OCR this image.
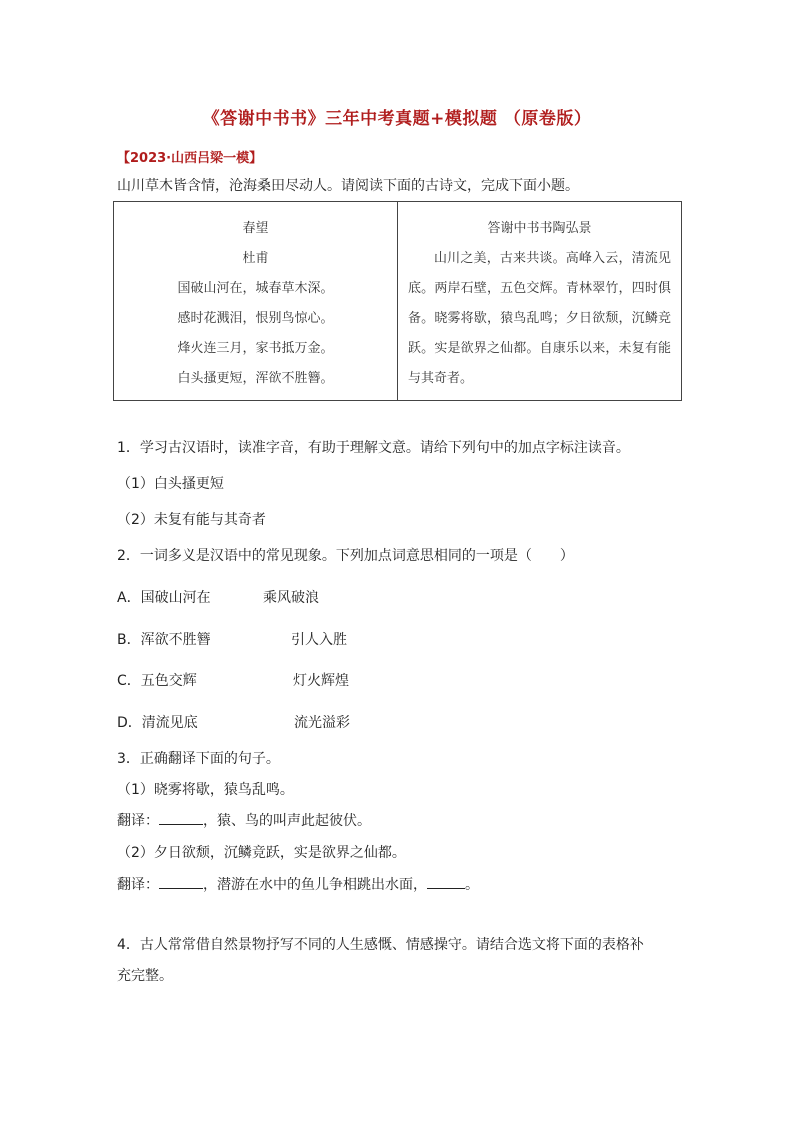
《答谢中书书》三年中考真题+模拟题 （原卷版）
【2023·山西吕梁一模】
山川草木皆含情，沧海桑田尽动人。请阅读下面的古诗文，完成下面小题。
春望
杜甫
国破山河在，城春草木深。
感时花溅泪，恨别鸟惊心。
烽火连三月，家书抵万金。
白头搔更短，浑欲不胜簪。

答谢中书书陶弘景
山川之美，古来共谈。高峰入云，清流见底。两岸石壁，五色交辉。青林翠竹，四时俱备。晓雾将歇，猿鸟乱鸣；夕日欲颓，沉鳞竞跃。实是欲界之仙都。自康乐以来，未复有能与其奇者。
1．学习古汉语时，读准字音，有助于理解文意。请给下列句中的加点字标注读音。
（1）白头搔更短
（2）未复有能与其奇者
2．一词多义是汉语中的常见现象。下列加点词意思相同的一项是（　　）
A．国破山河在	乘风破浪
B．浑欲不胜簪	引人入胜
C．五色交辉	灯火辉煌
D．清流见底	流光溢彩
3．正确翻译下面的句子。
（1）晓雾将歇，猿鸟乱鸣。
翻译：	，猿、鸟的叫声此起彼伏。
（2）夕日欲颓，沉鳞竞跃，实是欲界之仙都。
翻译：	，潜游在水中的鱼儿争相跳出水面，	。
4．古人常常借自然景物抒写不同的人生感慨、情感操守。请结合选文将下面的表格补
充完整。
